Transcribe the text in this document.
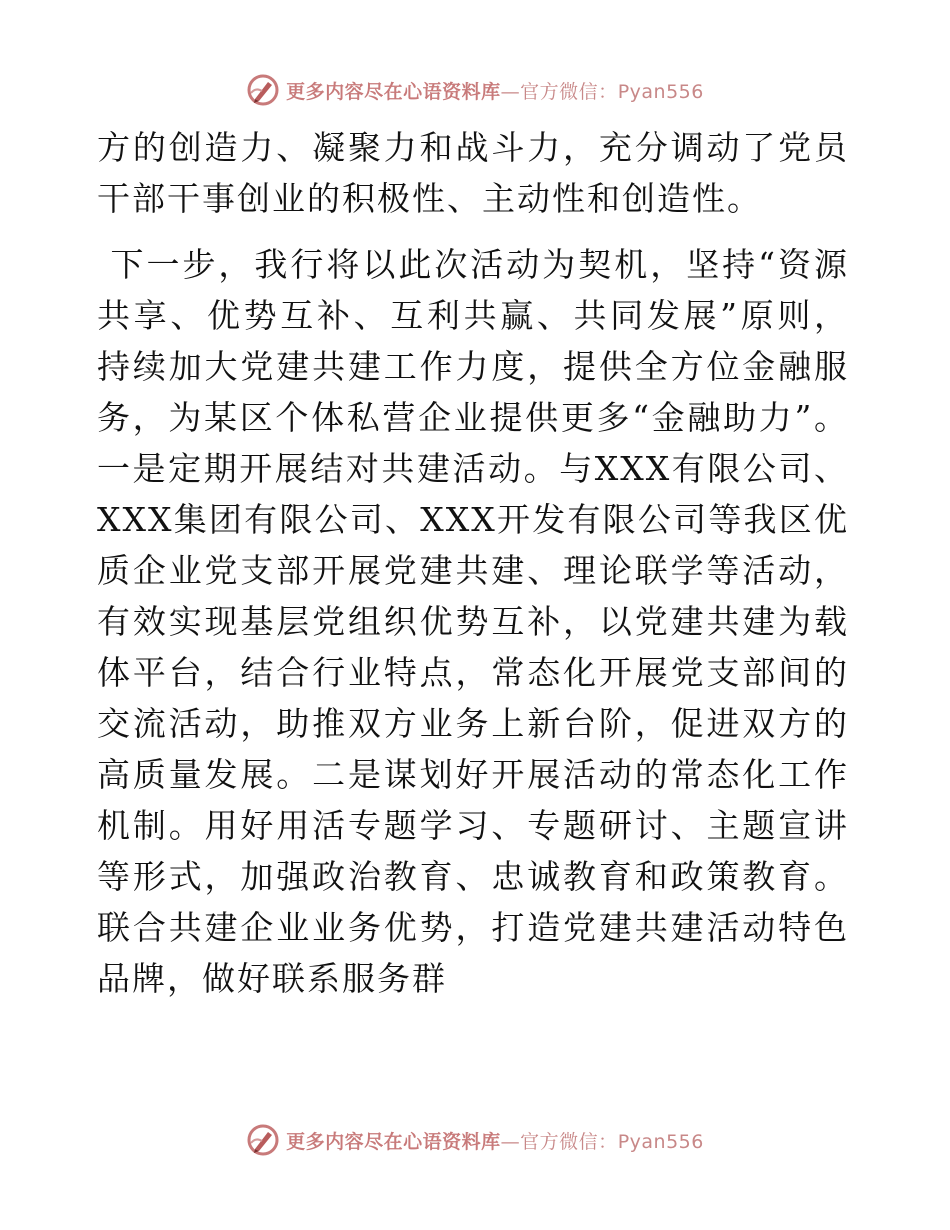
更多内容尽在心语资料库—官方微信：Pyan556

方的创造力、凝聚力和战斗力，充分调动了党员干部干事创业的积极性、主动性和创造性。

下一步，我行将以此次活动为契机，坚持“资源共享、优势互补、互利共赢、共同发展”原则，持续加大党建共建工作力度，提供全方位金融服务，为某区个体私营企业提供更多“金融助力”。一是定期开展结对共建活动。与XXX有限公司、XXX集团有限公司、XXX开发有限公司等我区优质企业党支部开展党建共建、理论联学等活动，有效实现基层党组织优势互补，以党建共建为载体平台，结合行业特点，常态化开展党支部间的交流活动，助推双方业务上新台阶，促进双方的高质量发展。二是谋划好开展活动的常态化工作机制。用好用活专题学习、专题研讨、主题宣讲等形式，加强政治教育、忠诚教育和政策教育。联合共建企业业务优势，打造党建共建活动特色品牌，做好联系服务群

更多内容尽在心语资料库—官方微信：Pyan556
